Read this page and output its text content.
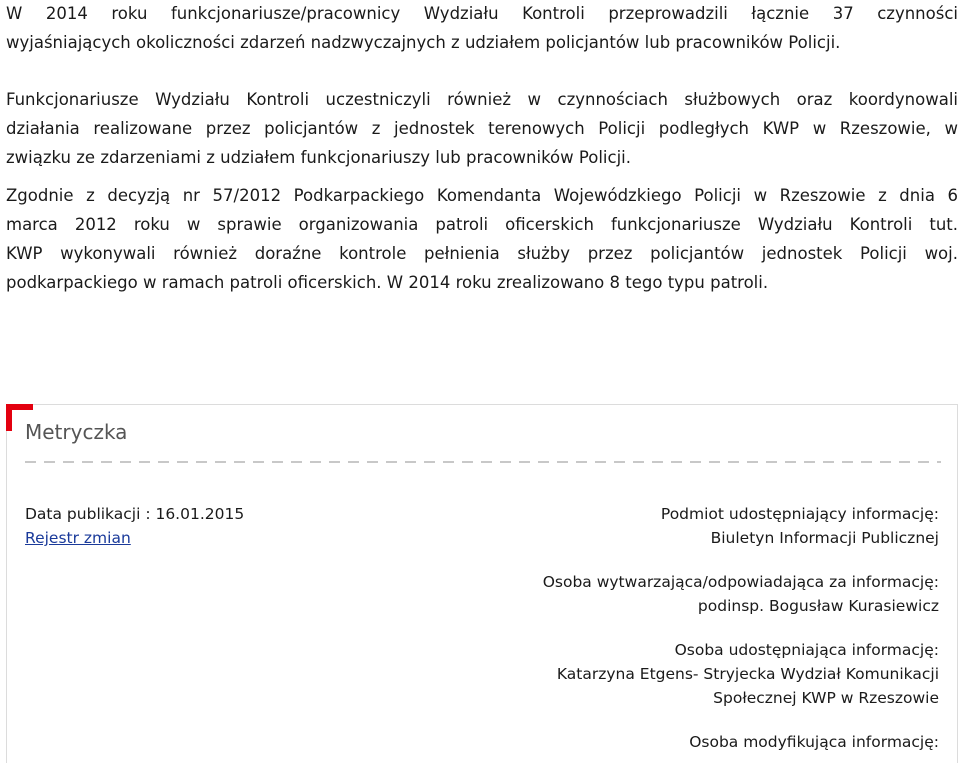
W 2014 roku funkcjonariusze/pracownicy Wydziału Kontroli przeprowadzili łącznie 37 czynności
wyjaśniających okoliczności zdarzeń nadzwyczajnych z udziałem policjantów lub pracowników Policji.

Funkcjonariusze Wydziału Kontroli uczestniczyli również w czynnościach służbowych oraz koordynowali
działania realizowane przez policjantów z jednostek terenowych Policji podległych KWP w Rzeszowie, w
związku ze zdarzeniami z udziałem funkcjonariuszy lub pracowników Policji.

Zgodnie z decyzją nr 57/2012 Podkarpackiego Komendanta Wojewódzkiego Policji w Rzeszowie z dnia 6
marca 2012 roku w sprawie organizowania patroli oficerskich funkcjonariusze Wydziału Kontroli tut.
KWP wykonywali również doraźne kontrole pełnienia służby przez policjantów jednostek Policji woj.
podkarpackiego w ramach patroli oficerskich. W 2014 roku zrealizowano 8 tego typu patroli.

Metryczka
Data publikacji : 16.01.2015
Rejestr zmian
Podmiot udostępniający informację:
Biuletyn Informacji Publicznej
Osoba wytwarzająca/odpowiadająca za informację:
podinsp. Bogusław Kurasiewicz
Osoba udostępniająca informację:
Katarzyna Etgens- Stryjecka Wydział Komunikacji
Społecznej KWP w Rzeszowie
Osoba modyfikująca informację:
